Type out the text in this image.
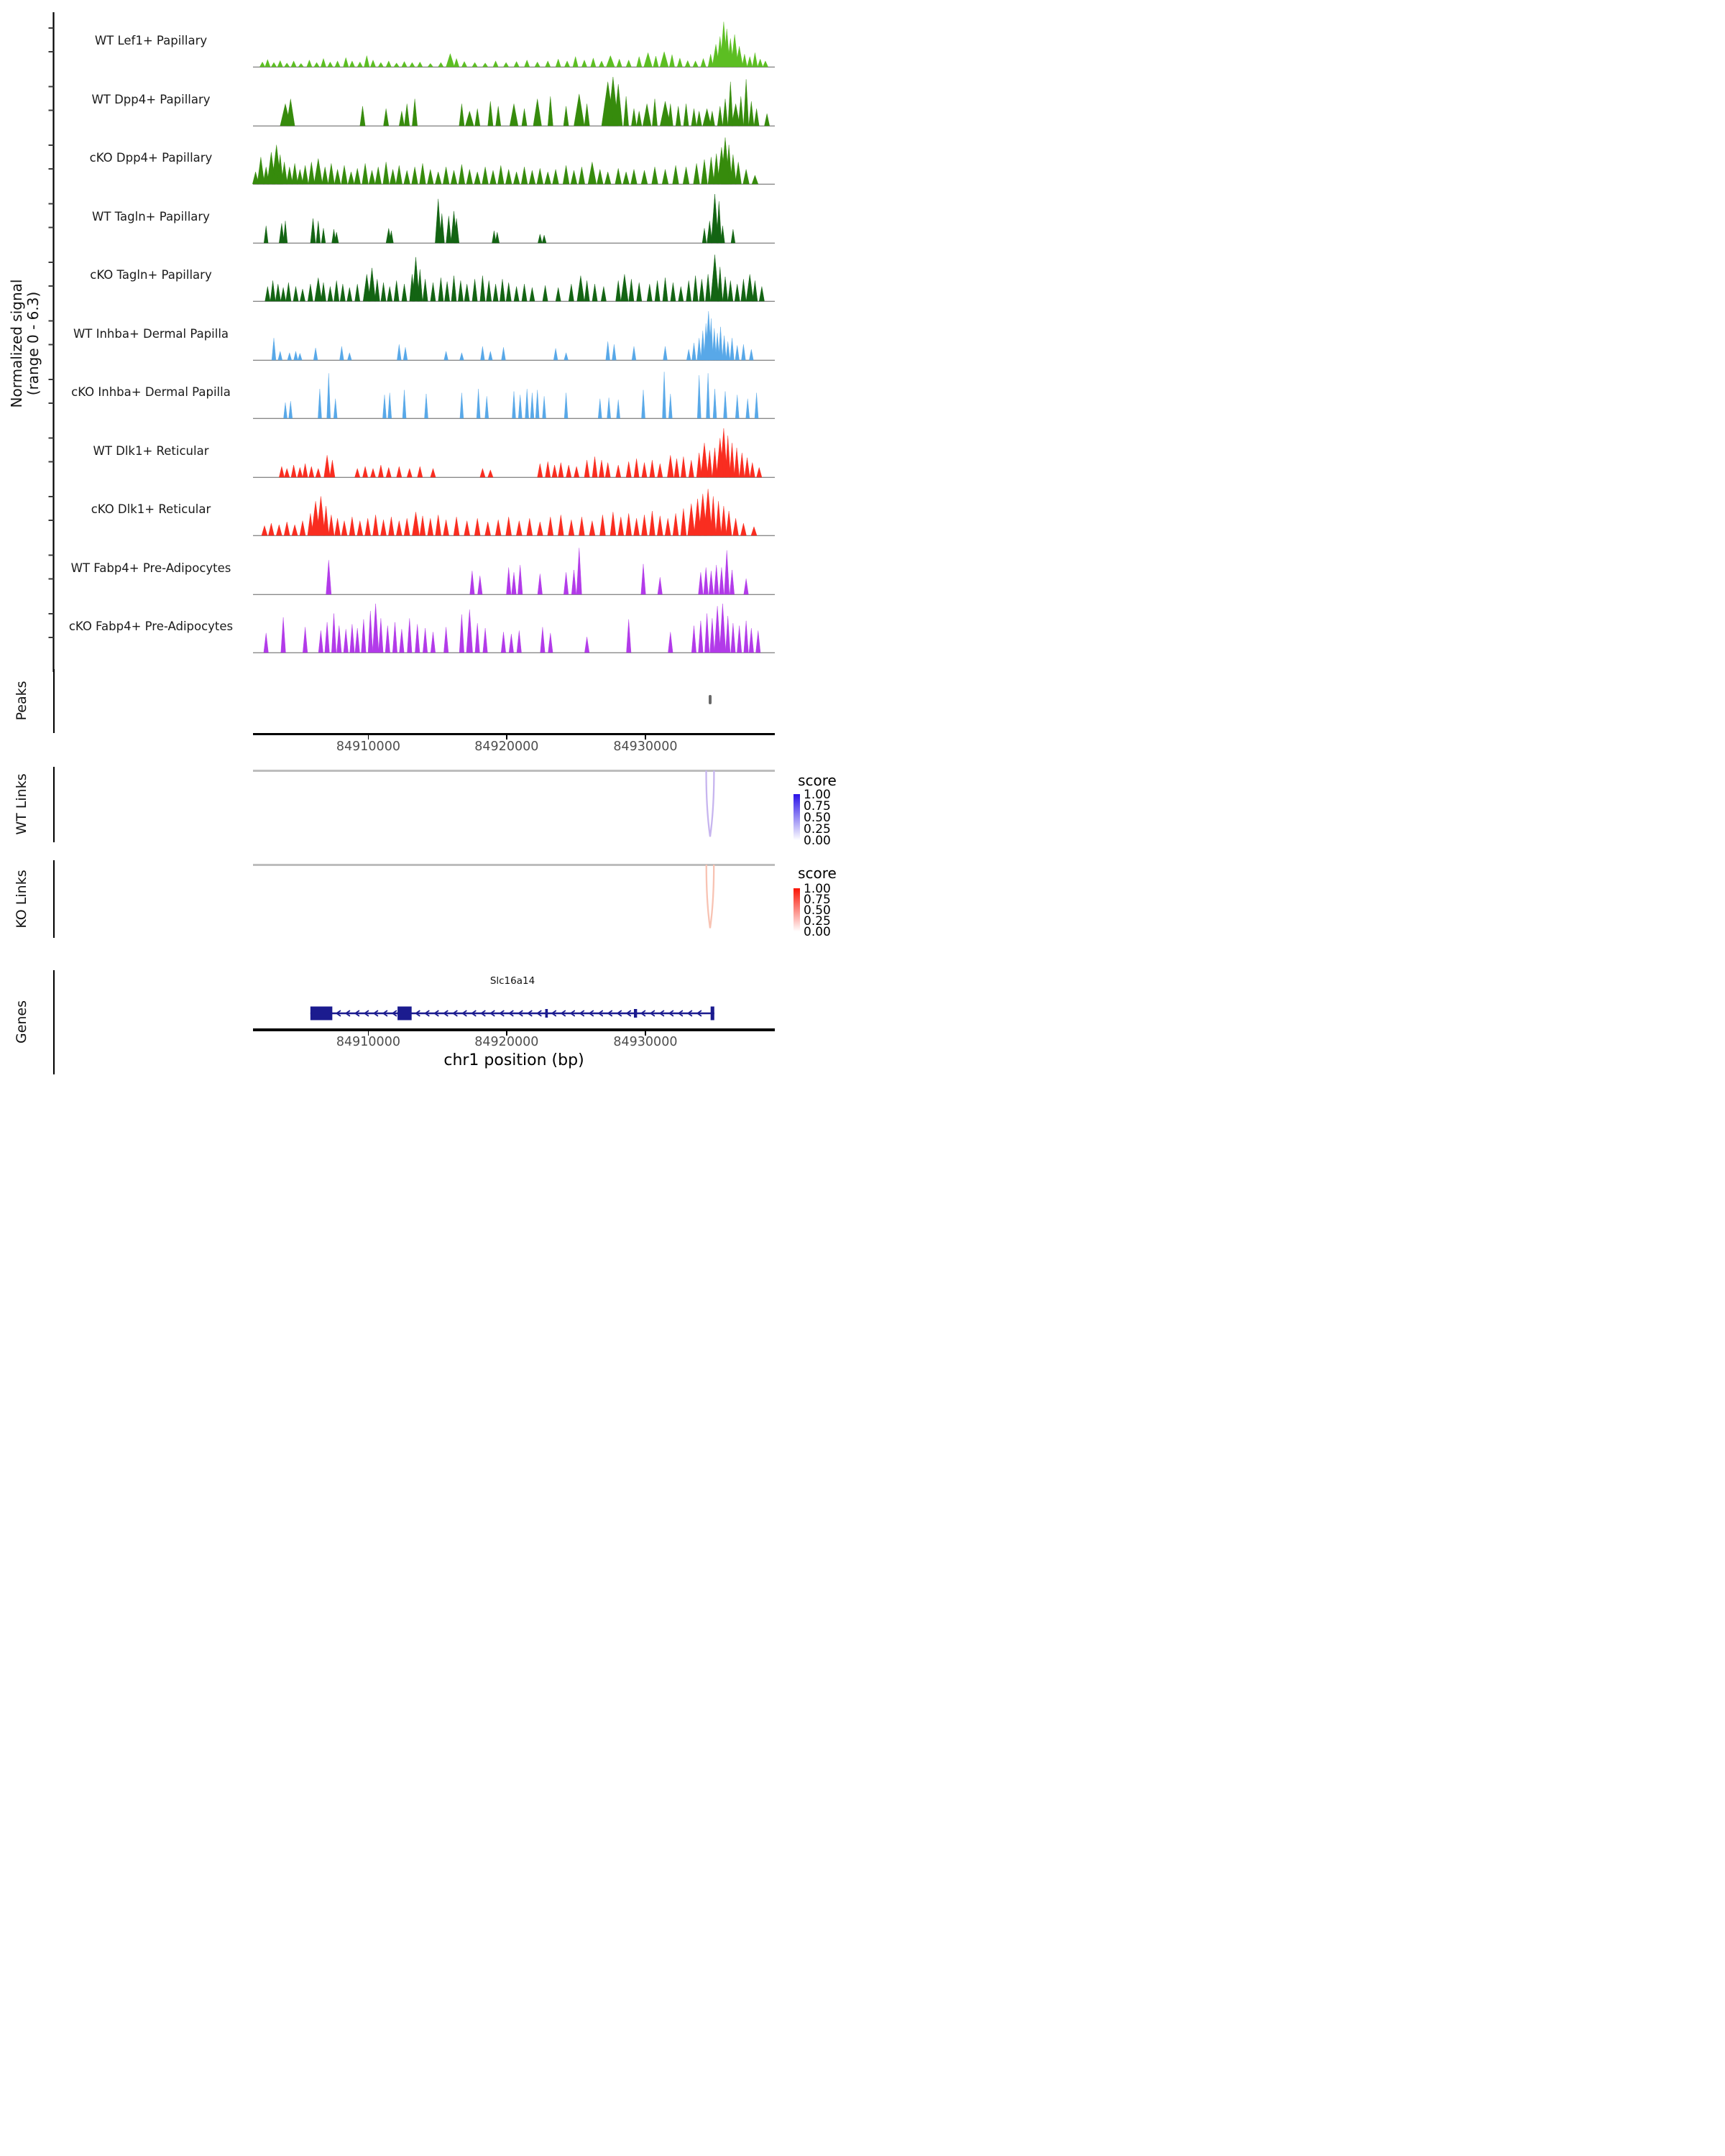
Normalized signal
(range 0 - 6.3)
Peaks
WT Links
KO Links
Genes
score
score
Slc16a14
chr1 position (bp)
WT Lef1+ Papillary
WT Dpp4+ Papillary
cKO Dpp4+ Papillary
WT Tagln+ Papillary
cKO Tagln+ Papillary
WT Inhba+ Dermal Papilla
cKO Inhba+ Dermal Papilla
WT Dlk1+ Reticular
cKO Dlk1+ Reticular
WT Fabp4+ Pre-Adipocytes
cKO Fabp4+ Pre-Adipocytes
84910000	84920000	84930000
1.00
0.75
0.50
0.25
0.00
1.00
0.75
0.50
0.25
0.00
84910000	84920000	84930000
